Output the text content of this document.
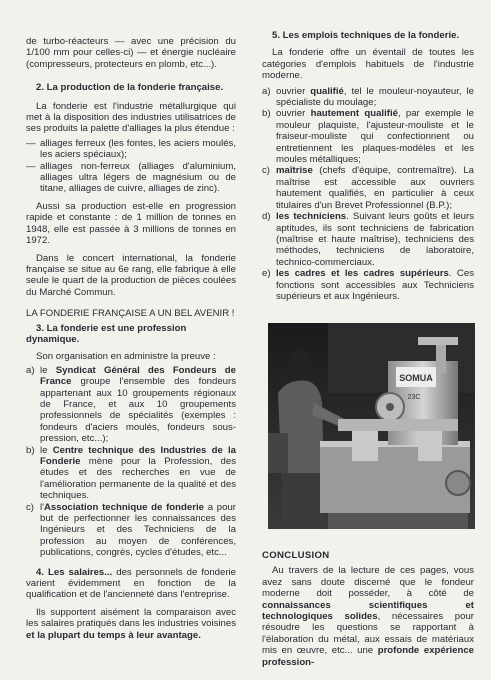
de turbo-réacteurs — avec une précision du 1/100 mm pour celles-ci) — et énergie nucléaire (compresseurs, protecteurs en plomb, etc...).

2. La production de la fonderie française.

La fonderie est l'industrie métallurgique qui met à la disposition des industries utilisatrices de ses produits la palette d'alliages la plus étendue :

— alliages ferreux (les fontes, les aciers moulés, les aciers spéciaux);
— alliages non-ferreux (alliages d'aluminium, alliages ultra légers de magnésium ou de titane, alliages de cuivre, alliages de zinc).

Aussi sa production est-elle en progression rapide et constante : de 1 million de tonnes en 1948, elle est passée à 3 millions de tonnes en 1972.

Dans le concert international, la fonderie française se situe au 6e rang, elle fabrique à elle seule le quart de la production de pièces coulées du Marché Commun.

LA FONDERIE FRANÇAISE A UN BEL AVENIR !

3. La fonderie est une profession dynamique.

Son organisation en administre la preuve :

a) le Syndicat Général des Fondeurs de France groupe l'ensemble des fondeurs appartenant aux 10 groupements régionaux de France, et aux 10 groupements professionnels de spécialités (exemples : fondeurs d'aciers moulés, fondeurs sous-pression, etc...);
b) le Centre technique des Industries de la Fonderie mène pour la Profession, des études et des recherches en vue de l'amélioration permanente de la qualité et des techniques.
c) l'Association technique de fonderie a pour but de perfectionner les connaissances des Ingénieurs et des Techniciens de la profession au moyen de conférences, publications, congrès, cycles d'études, etc...

4. Les salaires... des personnels de fonderie varient évidemment en fonction de la qualification et de l'ancienneté dans l'entreprise.

Ils supportent aisément la comparaison avec les salaires pratiqués dans les industries voisines et la plupart du temps à leur avantage.

5. Les emplois techniques de la fonderie.

La fonderie offre un éventail de toutes les catégories d'emplois habituels de l'industrie moderne.

a) ouvrier qualifié, tel le mouleur-noyauteur, le spécialiste du moulage;
b) ouvrier hautement qualifié, par exemple le mouleur plaquiste, l'ajusteur-mouliste et le fraiseur-mouliste qui confectionnent ou entretiennent les plaques-modèles et les moules métalliques;
c) maîtrise (chefs d'équipe, contremaître). La maîtrise est accessible aux ouvriers hautement qualifiés, en particulier à ceux titulaires d'un Brevet Professionnel (B.P.);
d) les techniciens. Suivant leurs goûts et leurs aptitudes, ils sont techniciens de fabrication (maîtrise et haute maîtrise), techniciens des méthodes, techniciens de laboratoire, technico-commerciaux.
e) les cadres et les cadres supérieurs. Ces fonctions sont accessibles aux Techniciens supérieurs et aux Ingénieurs.
SOMUA
23C

CONCLUSION

Au travers de la lecture de ces pages, vous avez sans doute discerné que le fondeur moderne doit posséder, à côté de connaissances scientifiques et technologiques solides, nécessaires pour résoudre les questions se rapportant à l'élaboration du métal, aux essais de matériaux mis en œuvre, etc... une profonde expérience profession-
